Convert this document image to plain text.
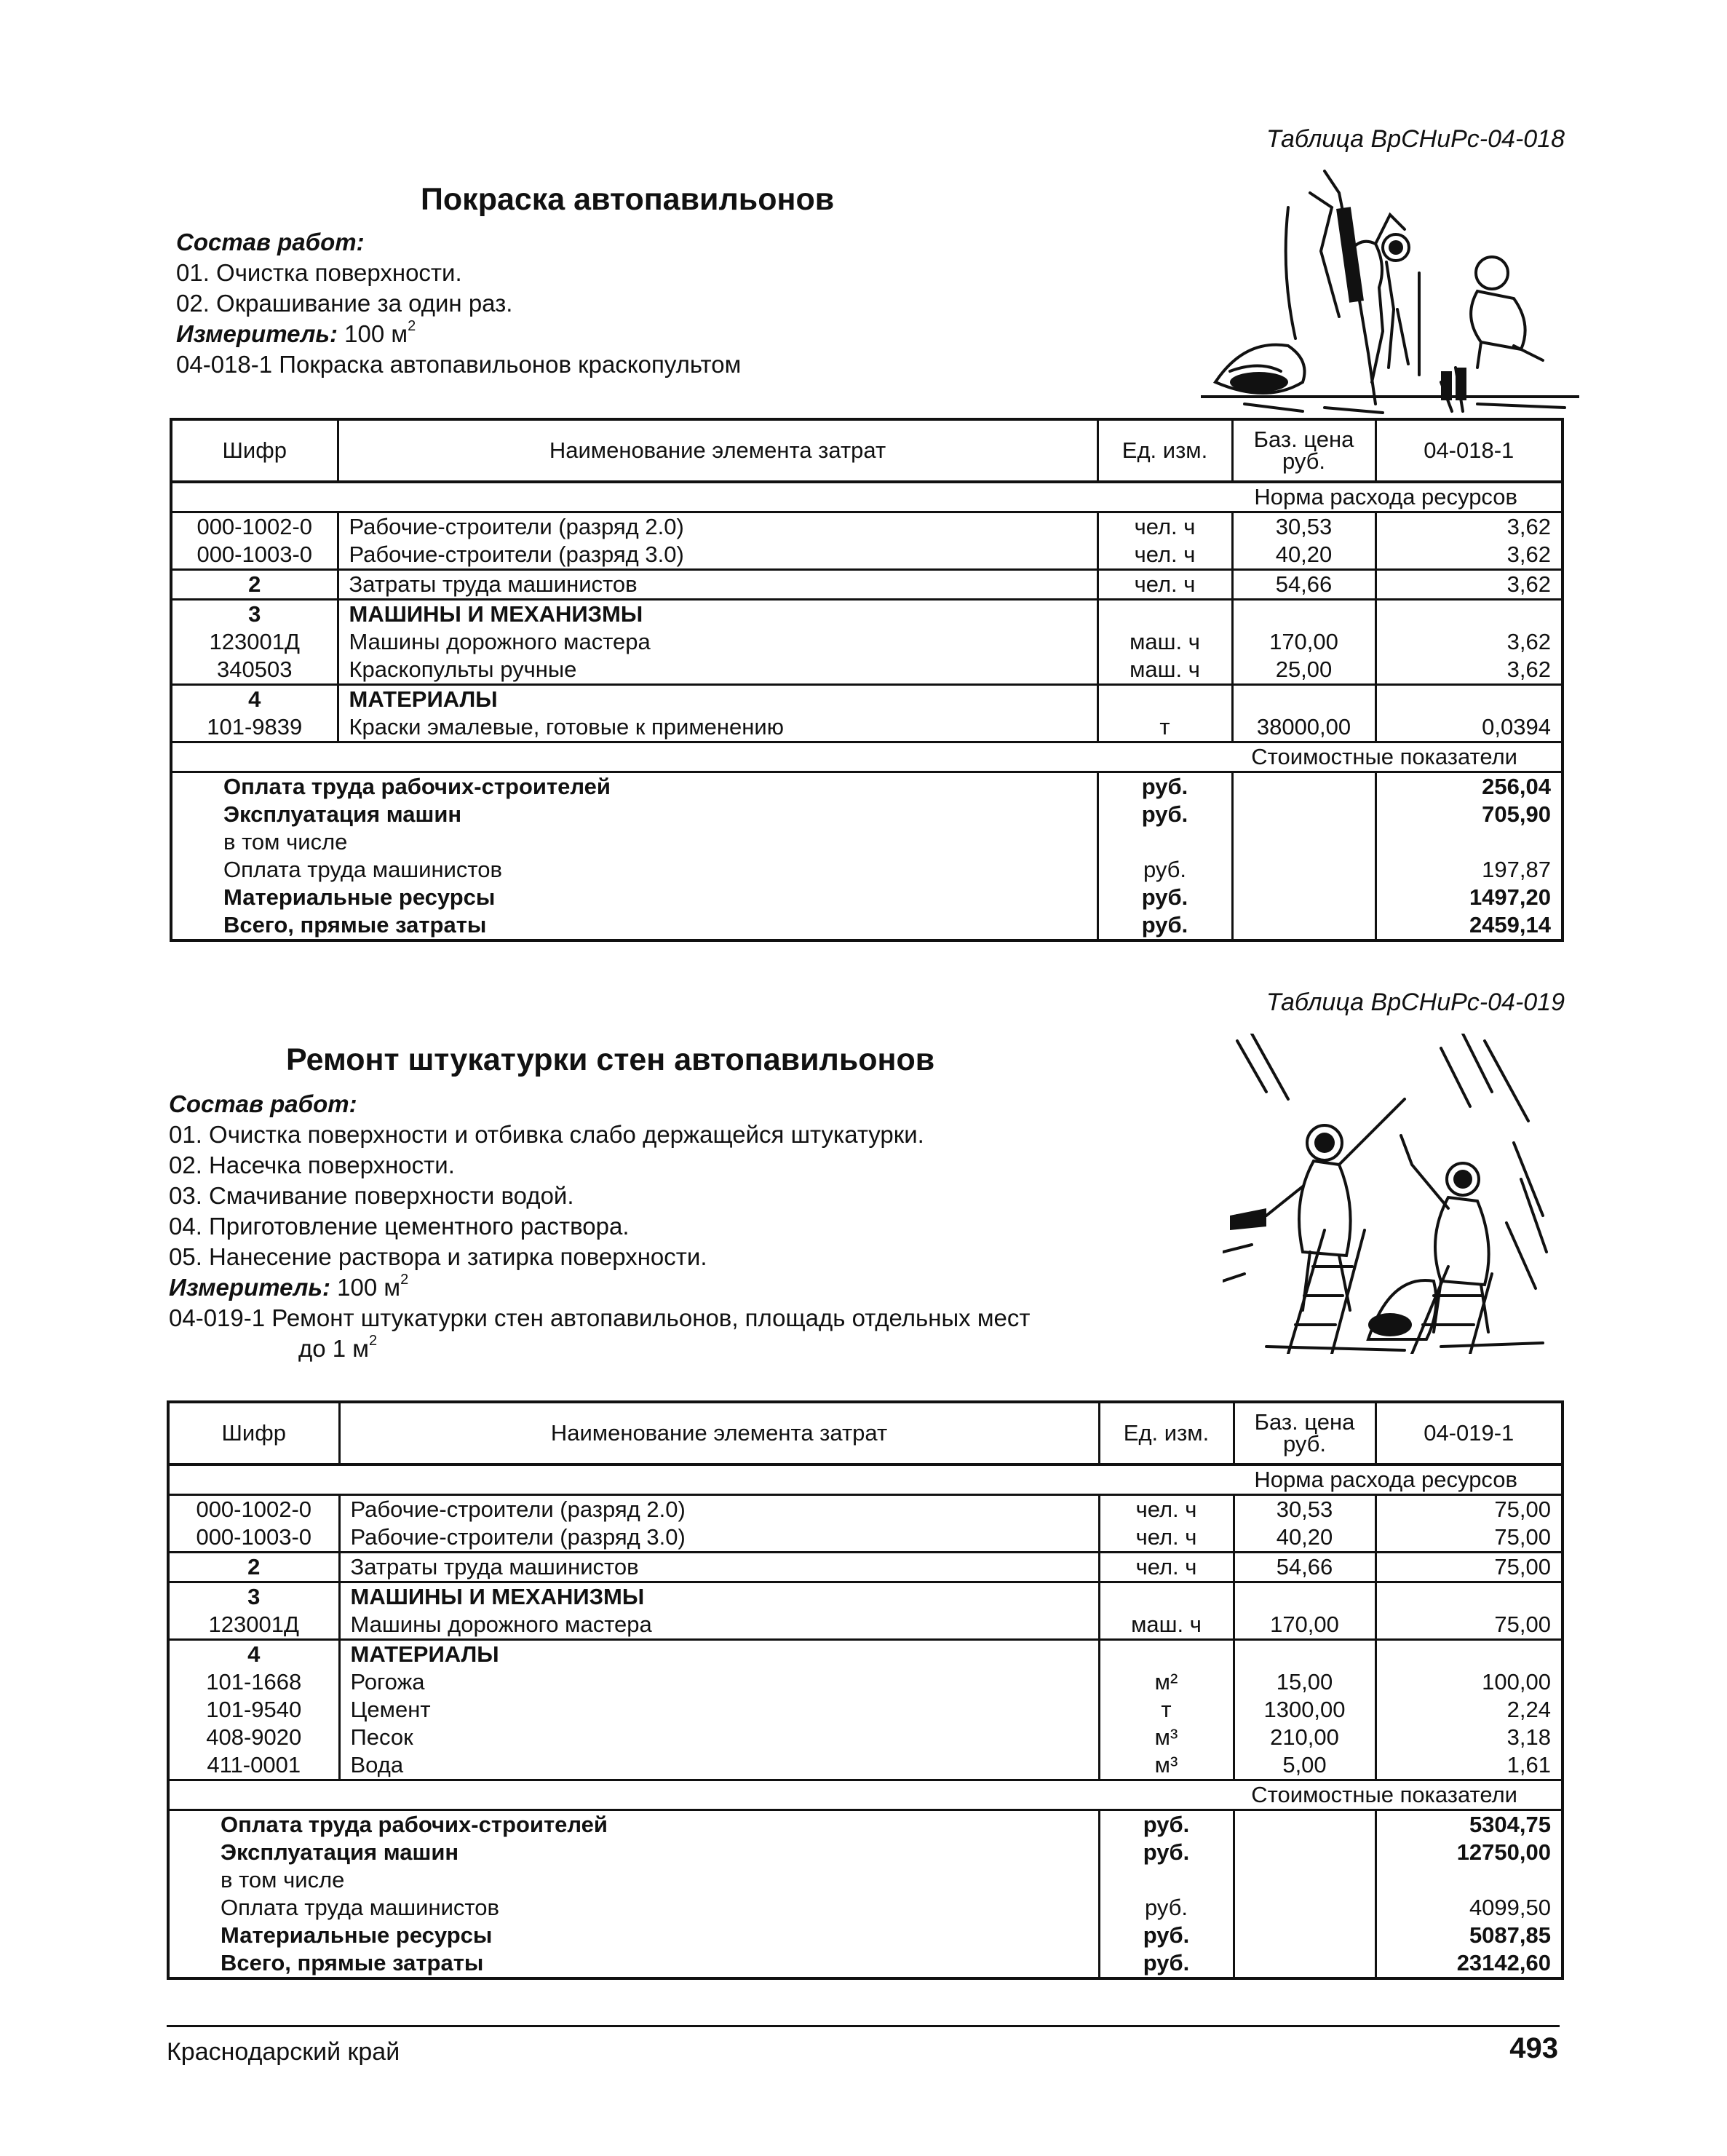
Таблица ВрСНиРс-04-018
Покраска автопавильонов
Состав работ:
01. Очистка поверхности.
02. Окрашивание за один раз.
Измеритель: 100 $м^2$
04-018-1 Покраска автопавильонов краскопультом
Шифр	Наименование элемента затрат	Ед. изм.	Баз. цена руб.	04-018-1
Норма расхода ресурсов				
000-1002-0	Рабочие-строители (разряд 2.0)	чел. ч	30,53	3,62
000-1003-0	Рабочие-строители (разряд 3.0)	чел. ч	40,20	3,62
2	Затраты труда машинистов	чел. ч	54,66	3,62
3	МАШИНЫ И МЕХАНИЗМЫ			
123001Д	Машины дорожного мастера	маш. ч	170,00	3,62
340503	Краскопульты ручные	маш. ч	25,00	3,62
4	МАТЕРИАЛЫ			
101-9839	Краски эмалевые, готовые к применению	т	38000,00	0,0394
Стоимостные показатели				
Оплата труда рабочих-строителей		руб.		256,04
Эксплуатация машин		руб.		705,90
в том числе				
Оплата труда машинистов		руб.		197,87
Материальные ресурсы		руб.		1497,20
Всего, прямые затраты		руб.		2459,14
Таблица ВрСНиРс-04-019
Ремонт штукатурки стен автопавильонов
Состав работ:
01. Очистка поверхности и отбивка слабо держащейся штукатурки.
02. Насечка поверхности.
03. Смачивание поверхности водой.
04. Приготовление цементного раствора.
05. Нанесение раствора и затирка поверхности.
Измеритель: 100 $м^2$
04-019-1 Ремонт штукатурки стен автопавильонов, площадь отдельных мест
до 1 $м^2$
Шифр	Наименование элемента затрат	Ед. изм.	Баз. цена руб.	04-019-1
Норма расхода ресурсов				
000-1002-0	Рабочие-строители (разряд 2.0)	чел. ч	30,53	75,00
000-1003-0	Рабочие-строители (разряд 3.0)	чел. ч	40,20	75,00
2	Затраты труда машинистов	чел. ч	54,66	75,00
3	МАШИНЫ И МЕХАНИЗМЫ			
123001Д	Машины дорожного мастера	маш. ч	170,00	75,00
4	МАТЕРИАЛЫ			
101-1668	Рогожа	м²	15,00	100,00
101-9540	Цемент	т	1300,00	2,24
408-9020	Песок	м³	210,00	3,18
411-0001	Вода	м³	5,00	1,61
Стоимостные показатели				
Оплата труда рабочих-строителей		руб.		5304,75
Эксплуатация машин		руб.		12750,00
в том числе				
Оплата труда машинистов		руб.		4099,50
Материальные ресурсы		руб.		5087,85
Всего, прямые затраты		руб.		23142,60
Краснодарский край	493
